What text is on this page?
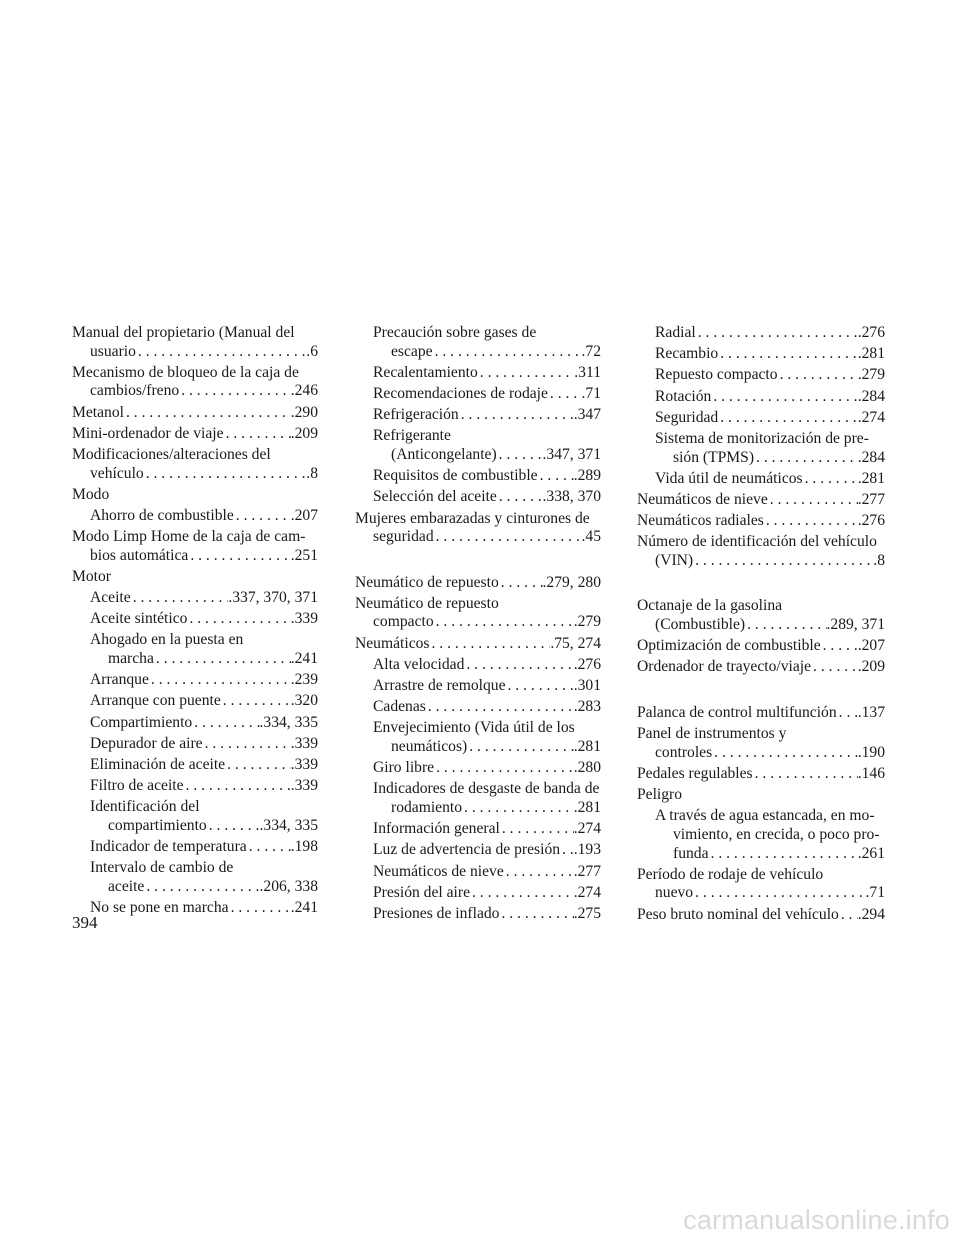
Manual del propietario (Manual del
usuario . . .	.6
Mecanismo de bloqueo de la caja de
cambios/freno . . .	.246
Metanol . . .	.290
Mini-ordenador de viaje . . .	.209
Modificaciones/alteraciones del
vehículo . . .	.8
Modo
Ahorro de combustible . . .	.207
Modo Limp Home de la caja de cam-
bios automática . . .	.251
Motor
Aceite . . .	.337, 370, 371
Aceite sintético . . .	.339
Ahogado en la puesta en
marcha . . .	.241
Arranque . . .	.239
Arranque con puente . . .	.320
Compartimiento . . .	.334, 335
Depurador de aire . . .	.339
Eliminación de aceite . . .	.339
Filtro de aceite . . .	.339
Identificación del
compartimiento . . .	.334, 335
Indicador de temperatura . . .	.198
Intervalo de cambio de
aceite . . .	.206, 338
No se pone en marcha . . .	.241
Precaución sobre gases de
escape . . .	.72
Recalentamiento . . .	.311
Recomendaciones de rodaje . . . .71
Refrigeración . . .	.347
Refrigerante
(Anticongelante) . . .	.347, 371
Requisitos de combustible . . . .289
Selección del aceite . . .	.338, 370
Mujeres embarazadas y cinturones de
seguridad . . .	.45
Neumático de repuesto . . .	.279, 280
Neumático de repuesto
compacto . . .	.279
Neumáticos . . .	.75, 274
Alta velocidad . . .	.276
Arrastre de remolque . . .	.301
Cadenas . . .	.283
Envejecimiento (Vida útil de los
neumáticos) . . .	.281
Giro libre . . .	.280
Indicadores de desgaste de banda de
rodamiento . . .	.281
Información general . . .	.274
Luz de advertencia de presión . . . .193
Neumáticos de nieve . . .	.277
Presión del aire . . .	.274
Presiones de inflado . . .	.275
Radial . . .	.276
Recambio . . .	.281
Repuesto compacto . . .	.279
Rotación . . .	.284
Seguridad . . .	.274
Sistema de monitorización de pre-
sión (TPMS) . . .	.284
Vida útil de neumáticos . . .	.281
Neumáticos de nieve . . .	.277
Neumáticos radiales . . .	.276
Número de identificación del vehículo
(VIN) . . .	.8
Octanaje de la gasolina
(Combustible) . . .	.289, 371
Optimización de combustible . . . .207
Ordenador de trayecto/viaje . . .	.209
Palanca de control multifunción . . . .137
Panel de instrumentos y
controles . . .	.190
Pedales regulables . . .	.146
Peligro
A través de agua estancada, en mo-
vimiento, en crecida, o poco pro-
funda . . .	.261
Período de rodaje de vehículo
nuevo . . .	.71
Peso bruto nominal del vehículo . . . .294
394
carmanualsonline.info
